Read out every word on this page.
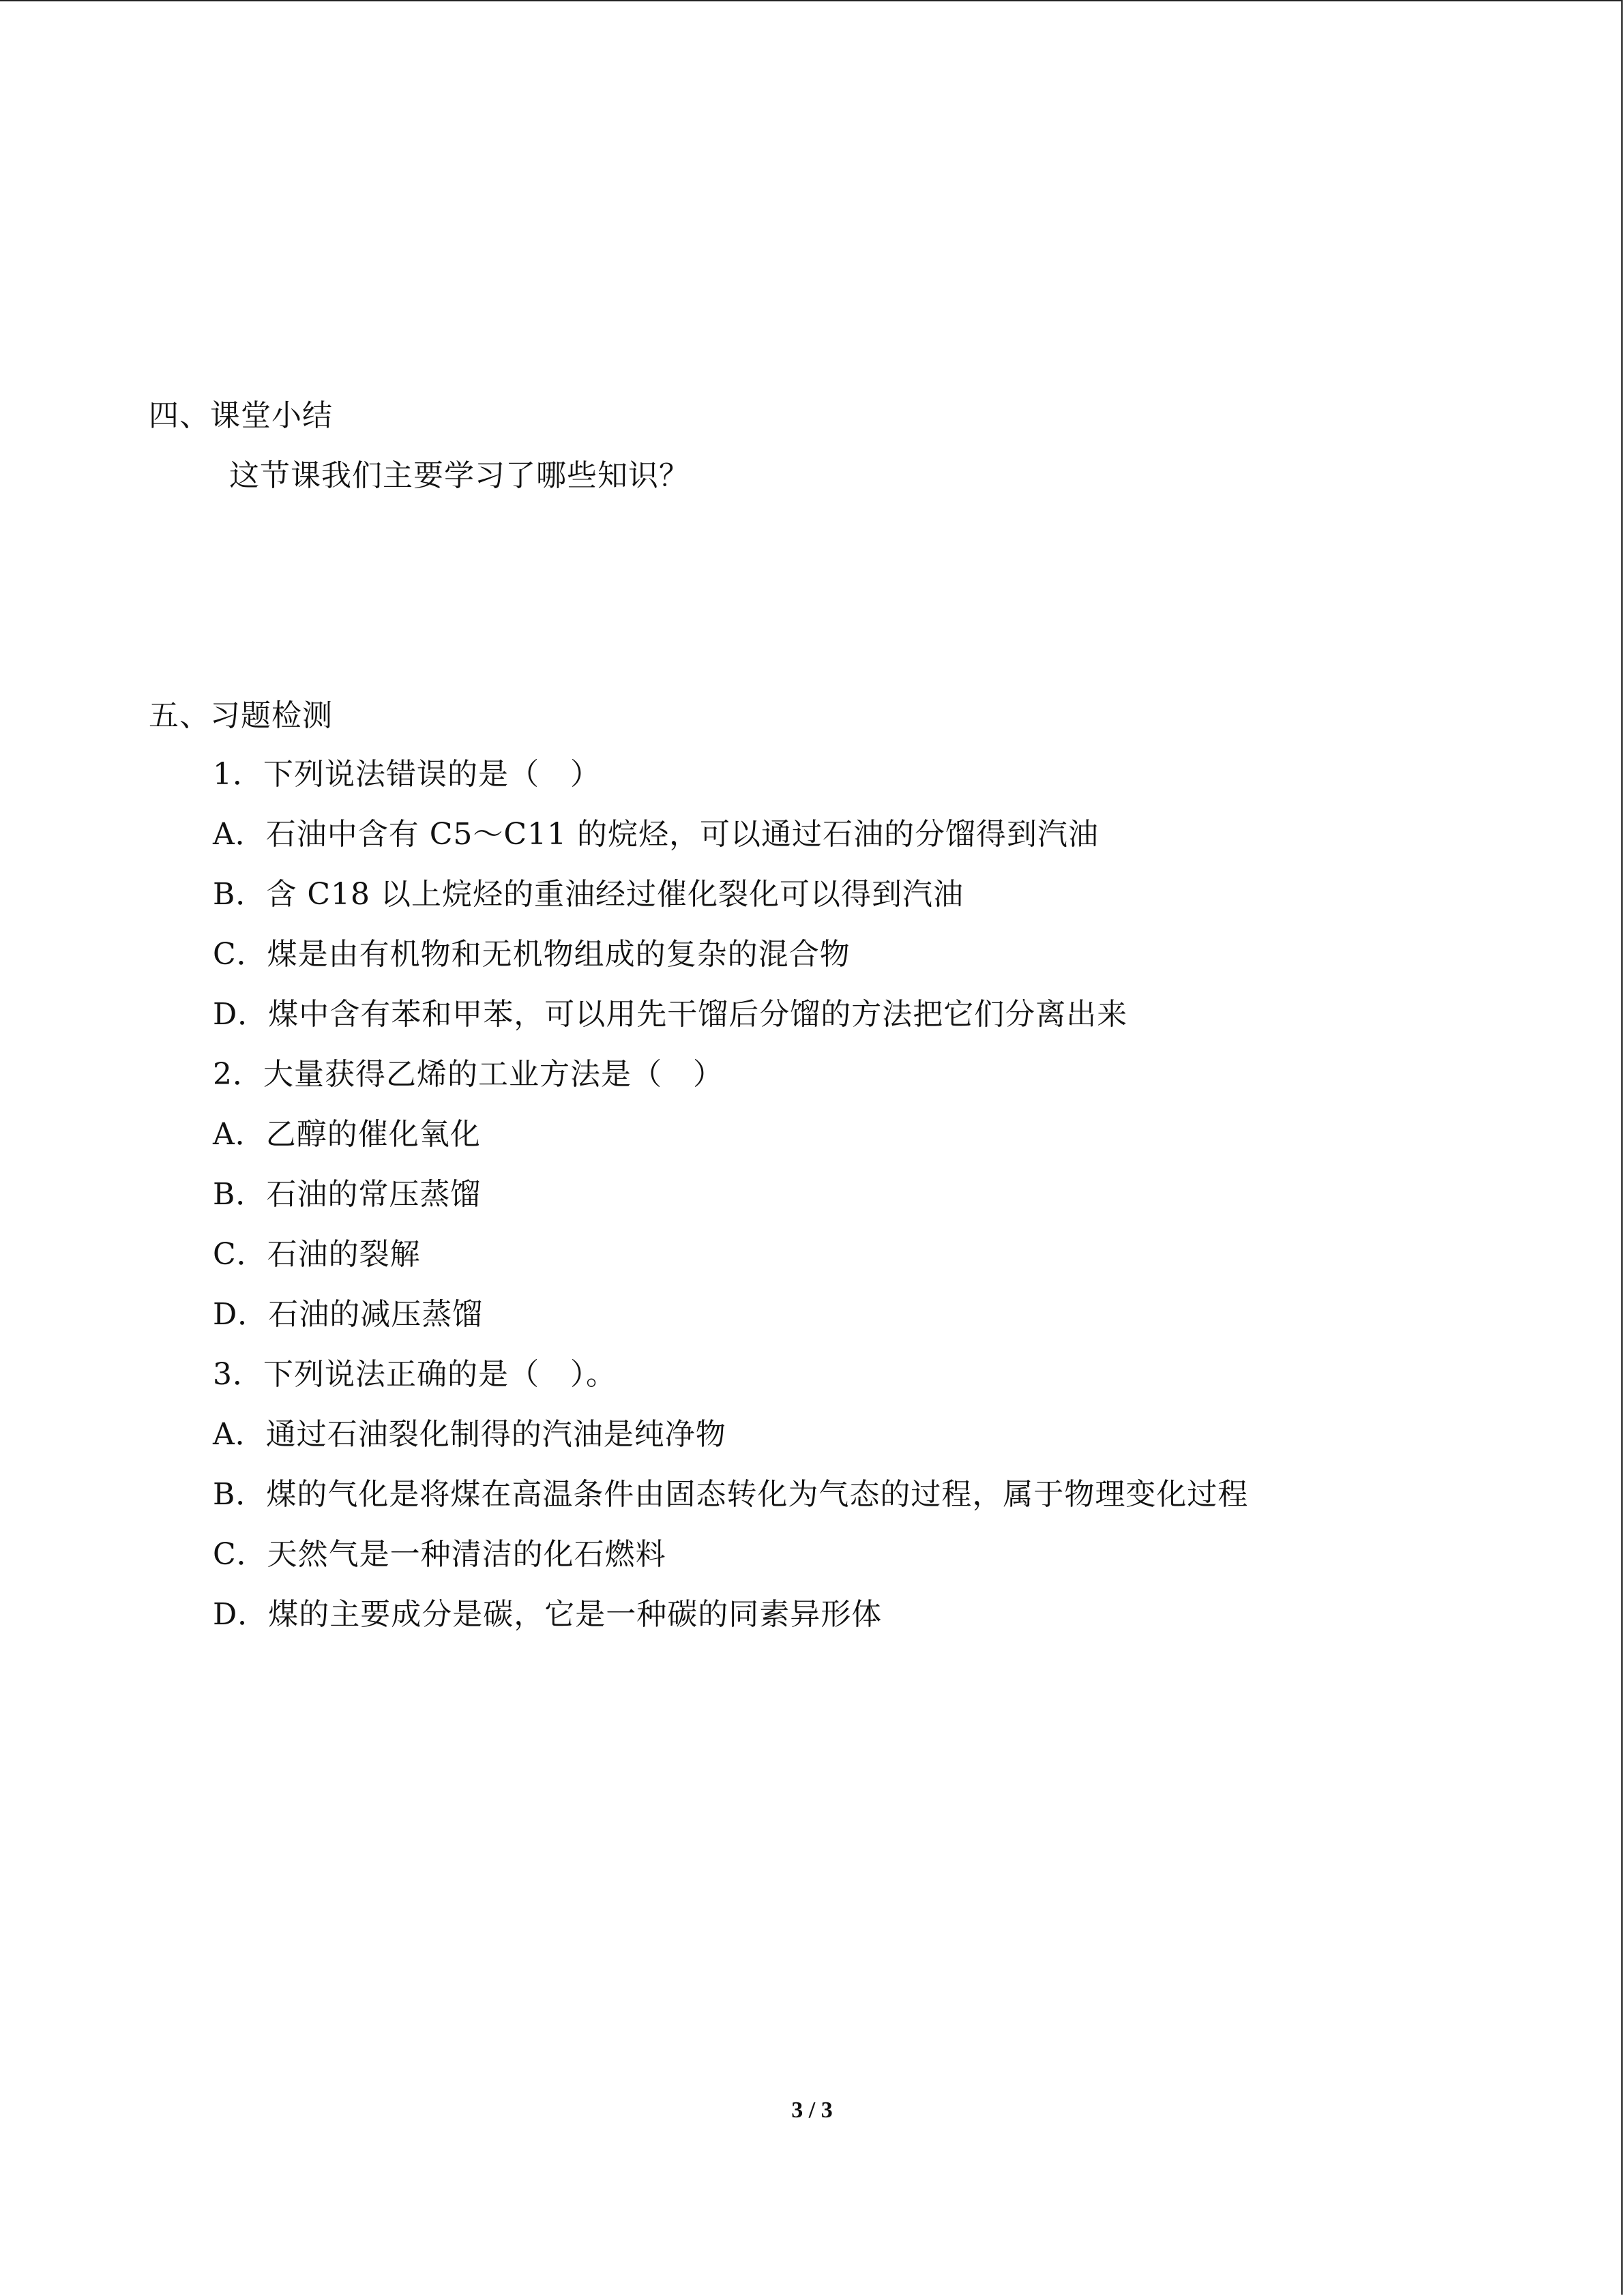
四、课堂小结
这节课我们主要学习了哪些知识？
五、习题检测
1．下列说法错误的是（　）
A．石油中含有 C5～C11 的烷烃，可以通过石油的分馏得到汽油
B．含 C18 以上烷烃的重油经过催化裂化可以得到汽油
C．煤是由有机物和无机物组成的复杂的混合物
D．煤中含有苯和甲苯，可以用先干馏后分馏的方法把它们分离出来
2．大量获得乙烯的工业方法是（　）
A．乙醇的催化氧化
B．石油的常压蒸馏
C．石油的裂解
D．石油的减压蒸馏
3．下列说法正确的是（　）。
A．通过石油裂化制得的汽油是纯净物
B．煤的气化是将煤在高温条件由固态转化为气态的过程，属于物理变化过程
C．天然气是一种清洁的化石燃料
D．煤的主要成分是碳，它是一种碳的同素异形体
3 / 3
